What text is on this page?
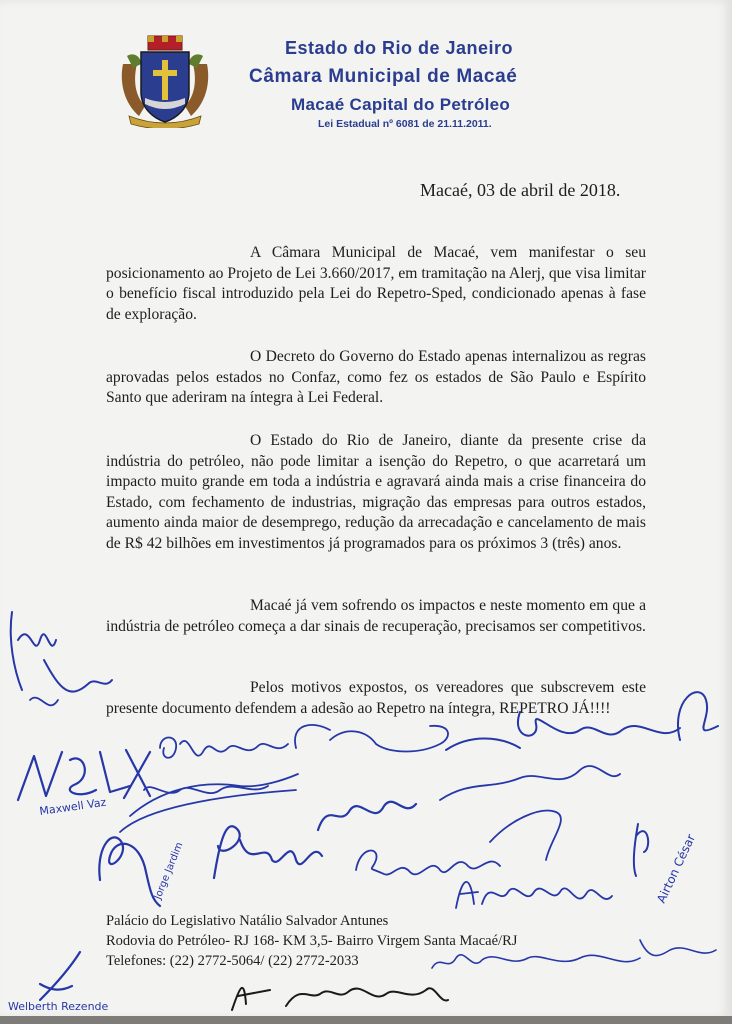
Estado do Rio de Janeiro
Câmara Municipal de Macaé
Macaé Capital do Petróleo
Lei Estadual nº 6081 de 21.11.2011.
Macaé, 03 de abril de 2018.
A Câmara Municipal de Macaé, vem manifestar o seu posicionamento ao Projeto de Lei 3.660/2017, em tramitação na Alerj, que visa limitar o benefício fiscal introduzido pela Lei do Repetro-Sped, condicionado apenas à fase de exploração.
O Decreto do Governo do Estado apenas internalizou as regras aprovadas pelos estados no Confaz, como fez os estados de São Paulo e Espírito Santo que aderiram na íntegra à Lei Federal.
O Estado do Rio de Janeiro, diante da presente crise da indústria do petróleo, não pode limitar a isenção do Repetro, o que acarretará um impacto muito grande em toda a indústria e agravará ainda mais a crise financeira do Estado, com fechamento de industrias, migração das empresas para outros estados, aumento ainda maior de desemprego, redução da arrecadação e cancelamento de mais de R$ 42 bilhões em investimentos já programados para os próximos 3 (três) anos.
Macaé já vem sofrendo os impactos e neste momento em que a indústria de petróleo começa a dar sinais de recuperação, precisamos ser competitivos.
Pelos motivos expostos, os vereadores que subscrevem este presente documento defendem a adesão ao Repetro na íntegra, REPETRO JÁ!!!!
Palácio do Legislativo Natálio Salvador Antunes
Rodovia do Petróleo- RJ 168- KM 3,5- Bairro Virgem Santa Macaé/RJ
Telefones: (22) 2772-5064/ (22) 2772-2033
Maxwell Vaz
Jorge Jardim	Airton César
Welberth Rezende
